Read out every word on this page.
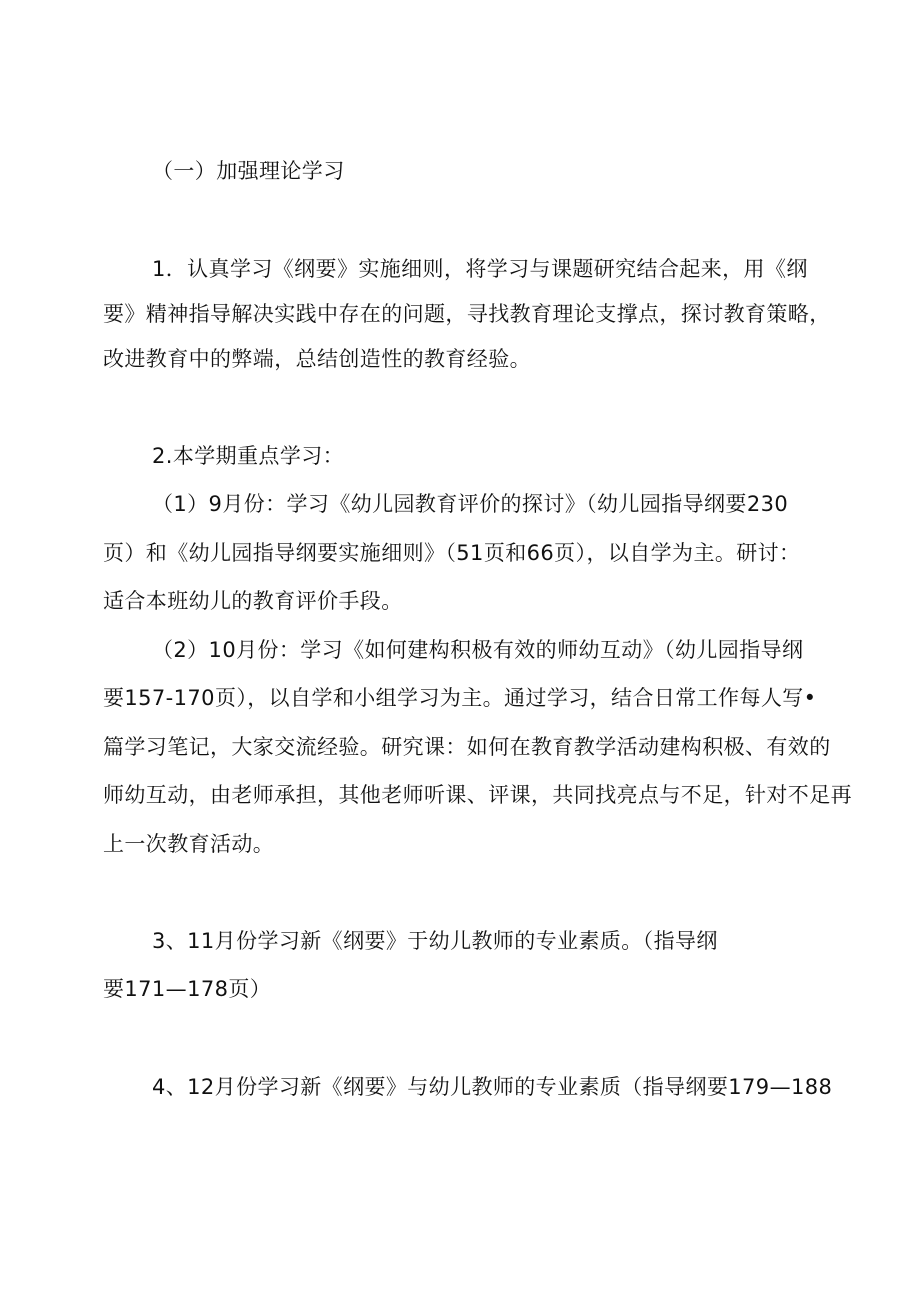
（一）加强理论学习

1．认真学习《纲要》实施细则，将学习与课题研究结合起来，用《纲

要》精神指导解决实践中存在的问题，寻找教育理论支撑点，探讨教育策略，

改进教育中的弊端，总结创造性的教育经验。

2.本学期重点学习：

（1）9月份：学习《幼儿园教育评价的探讨》（幼儿园指导纲要230

页）和《幼儿园指导纲要实施细则》（51页和66页），以自学为主。研讨：

适合本班幼儿的教育评价手段。

（2）10月份：学习《如何建构积极有效的师幼互动》（幼儿园指导纲

要157-170页），以自学和小组学习为主。通过学习，结合日常工作每人写•

篇学习笔记，大家交流经验。研究课：如何在教育教学活动建构积极、有效的

师幼互动，由老师承担，其他老师听课、评课，共同找亮点与不足，针对不足再

上一次教育活动。

3、11月份学习新《纲要》于幼儿教师的专业素质。（指导纲

要171—178页）

4、12月份学习新《纲要》与幼儿教师的专业素质（指导纲要179—188
